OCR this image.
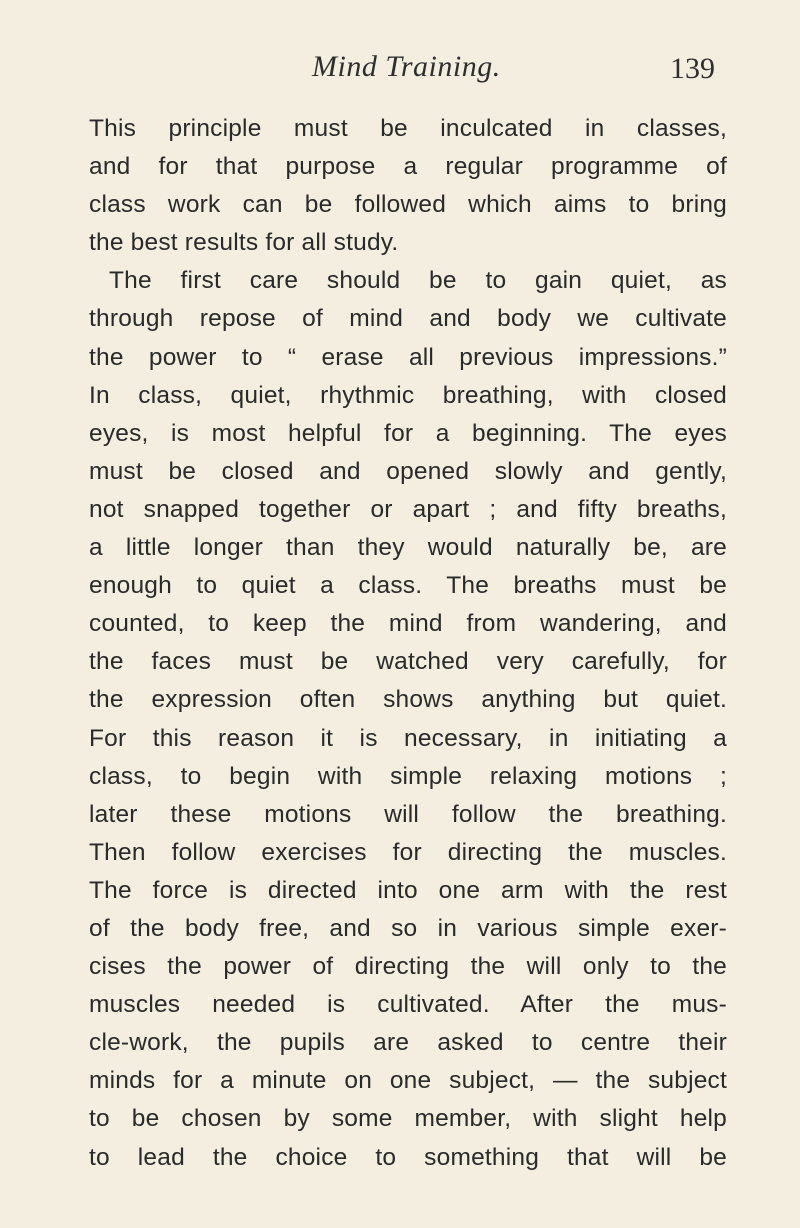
Mind Training.	139
This principle must be inculcated in classes,
and for that purpose a regular programme of
class work can be followed which aims to bring
the best results for all study.
The first care should be to gain quiet, as
through repose of mind and body we cultivate
the power to “ erase all previous impressions.”
In class, quiet, rhythmic breathing, with closed
eyes, is most helpful for a beginning. The eyes
must be closed and opened slowly and gently,
not snapped together or apart ; and fifty breaths,
a little longer than they would naturally be, are
enough to quiet a class. The breaths must be
counted, to keep the mind from wandering, and
the faces must be watched very carefully, for
the expression often shows anything but quiet.
For this reason it is necessary, in initiating a
class, to begin with simple relaxing motions ;
later these motions will follow the breathing.
Then follow exercises for directing the muscles.
The force is directed into one arm with the rest
of the body free, and so in various simple exer-
cises the power of directing the will only to the
muscles needed is cultivated. After the mus-
cle-work, the pupils are asked to centre their
minds for a minute on one subject, — the subject
to be chosen by some member, with slight help
to lead the choice to something that will be
